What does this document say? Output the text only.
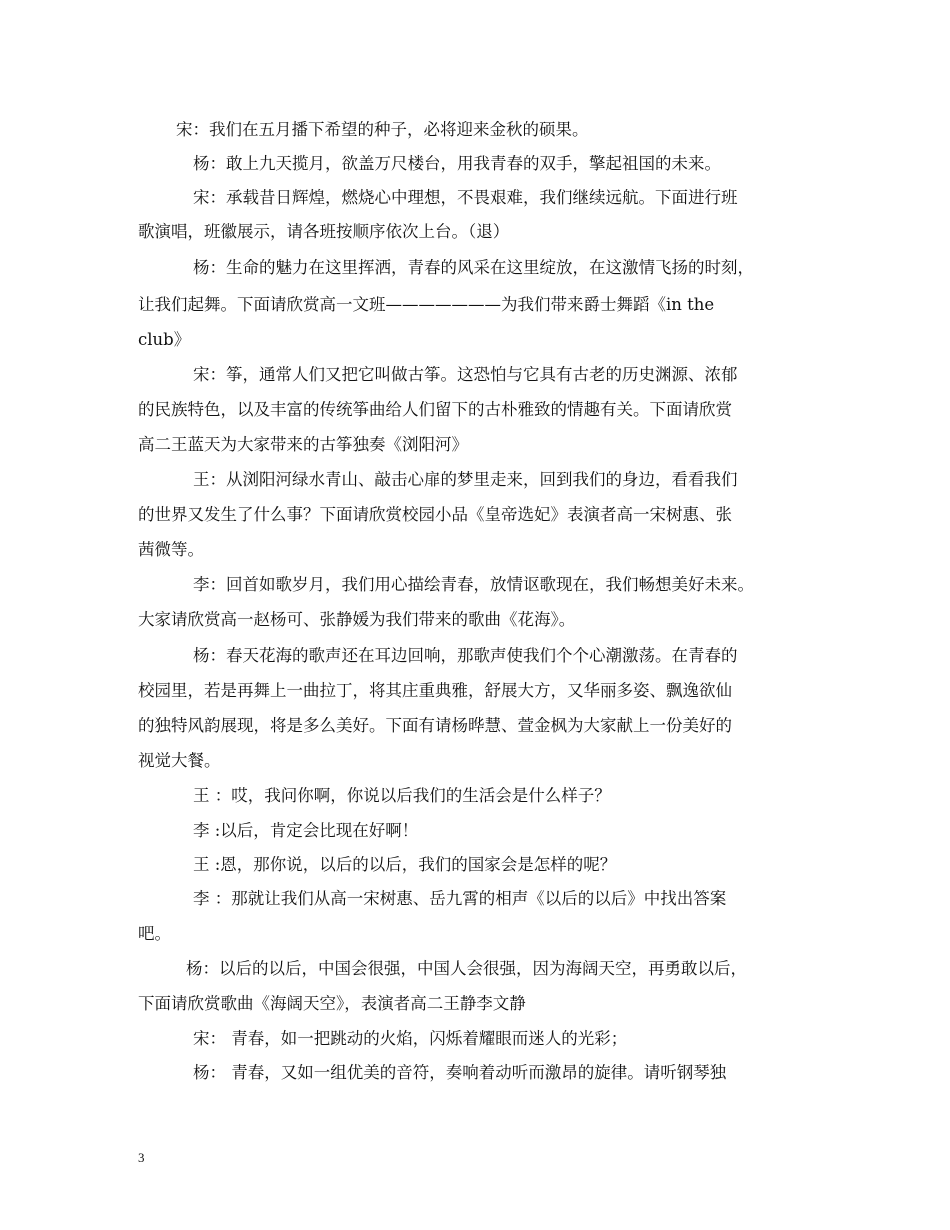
宋：我们在五月播下希望的种子，必将迎来金秋的硕果。
杨：敢上九天揽月，欲盖万尺楼台，用我青春的双手，擎起祖国的未来。
宋：承载昔日辉煌，燃烧心中理想，不畏艰难，我们继续远航。下面进行班
歌演唱，班徽展示，请各班按顺序依次上台。（退）
杨：生命的魅力在这里挥洒，青春的风采在这里绽放，在这激情飞扬的时刻，
让我们起舞。下面请欣赏高一文班———————为我们带来爵士舞蹈《in the
club》
宋：筝，通常人们又把它叫做古筝。这恐怕与它具有古老的历史渊源、浓郁
的民族特色，以及丰富的传统筝曲给人们留下的古朴雅致的情趣有关。下面请欣赏
高二王蓝天为大家带来的古筝独奏《浏阳河》
王：从浏阳河绿水青山、敲击心扉的梦里走来，回到我们的身边，看看我们
的世界又发生了什么事？下面请欣赏校园小品《皇帝选妃》表演者高一宋树惠、张
茜微等。
李：回首如歌岁月，我们用心描绘青春，放情讴歌现在，我们畅想美好未来。
大家请欣赏高一赵杨可、张静媛为我们带来的歌曲《花海》。
杨：春天花海的歌声还在耳边回响，那歌声使我们个个心潮激荡。在青春的
校园里，若是再舞上一曲拉丁，将其庄重典雅，舒展大方，又华丽多姿、飘逸欲仙
的独特风韵展现，将是多么美好。下面有请杨晔慧、萱金枫为大家献上一份美好的
视觉大餐。
王 ：哎，我问你啊，你说以后我们的生活会是什么样子？
李 :以后，肯定会比现在好啊！
王 :恩，那你说，以后的以后，我们的国家会是怎样的呢？
李 ：那就让我们从高一宋树惠、岳九霄的相声《以后的以后》中找出答案
吧。
杨：以后的以后，中国会很强，中国人会很强，因为海阔天空，再勇敢以后，
下面请欣赏歌曲《海阔天空》，表演者高二王静李文静
宋： 青春，如一把跳动的火焰，闪烁着耀眼而迷人的光彩；
杨： 青春，又如一组优美的音符，奏响着动听而激昂的旋律。请听钢琴独
3
